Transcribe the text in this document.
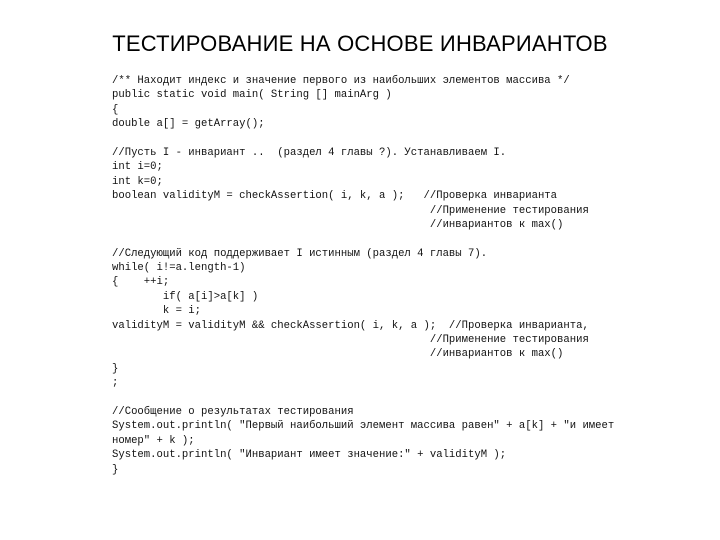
ТЕСТИРОВАНИЕ НА ОСНОВЕ ИНВАРИАНТОВ
/** Находит индекс и значение первого из наибольших элементов массива */
public static void main( String [] mainArg )
{
double a[] = getArray();
//Пусть I - инвариант ..  (раздел 4 главы ?). Устанавливаем I.
int i=0;
int k=0;
boolean validityM = checkAssertion( i, k, a );   //Проверка инварианта
//Применение тестирования
//инвариантов к max()
//Следующий код поддерживает I истинным (раздел 4 главы 7).
while( i!=a.length-1)
{    ++i;
if( a[i]>a[k] )
k = i;
validityM = validityM && checkAssertion( i, k, a );  //Проверка инварианта,
//Применение тестирования
//инвариантов к max()
}
;
//Сообщение о результатах тестирования
System.out.println( "Первый наибольший элемент массива равен" + a[k] + "и имеет
номер" + k );
System.out.println( "Инвариант имеет значение:" + validityM );
}
